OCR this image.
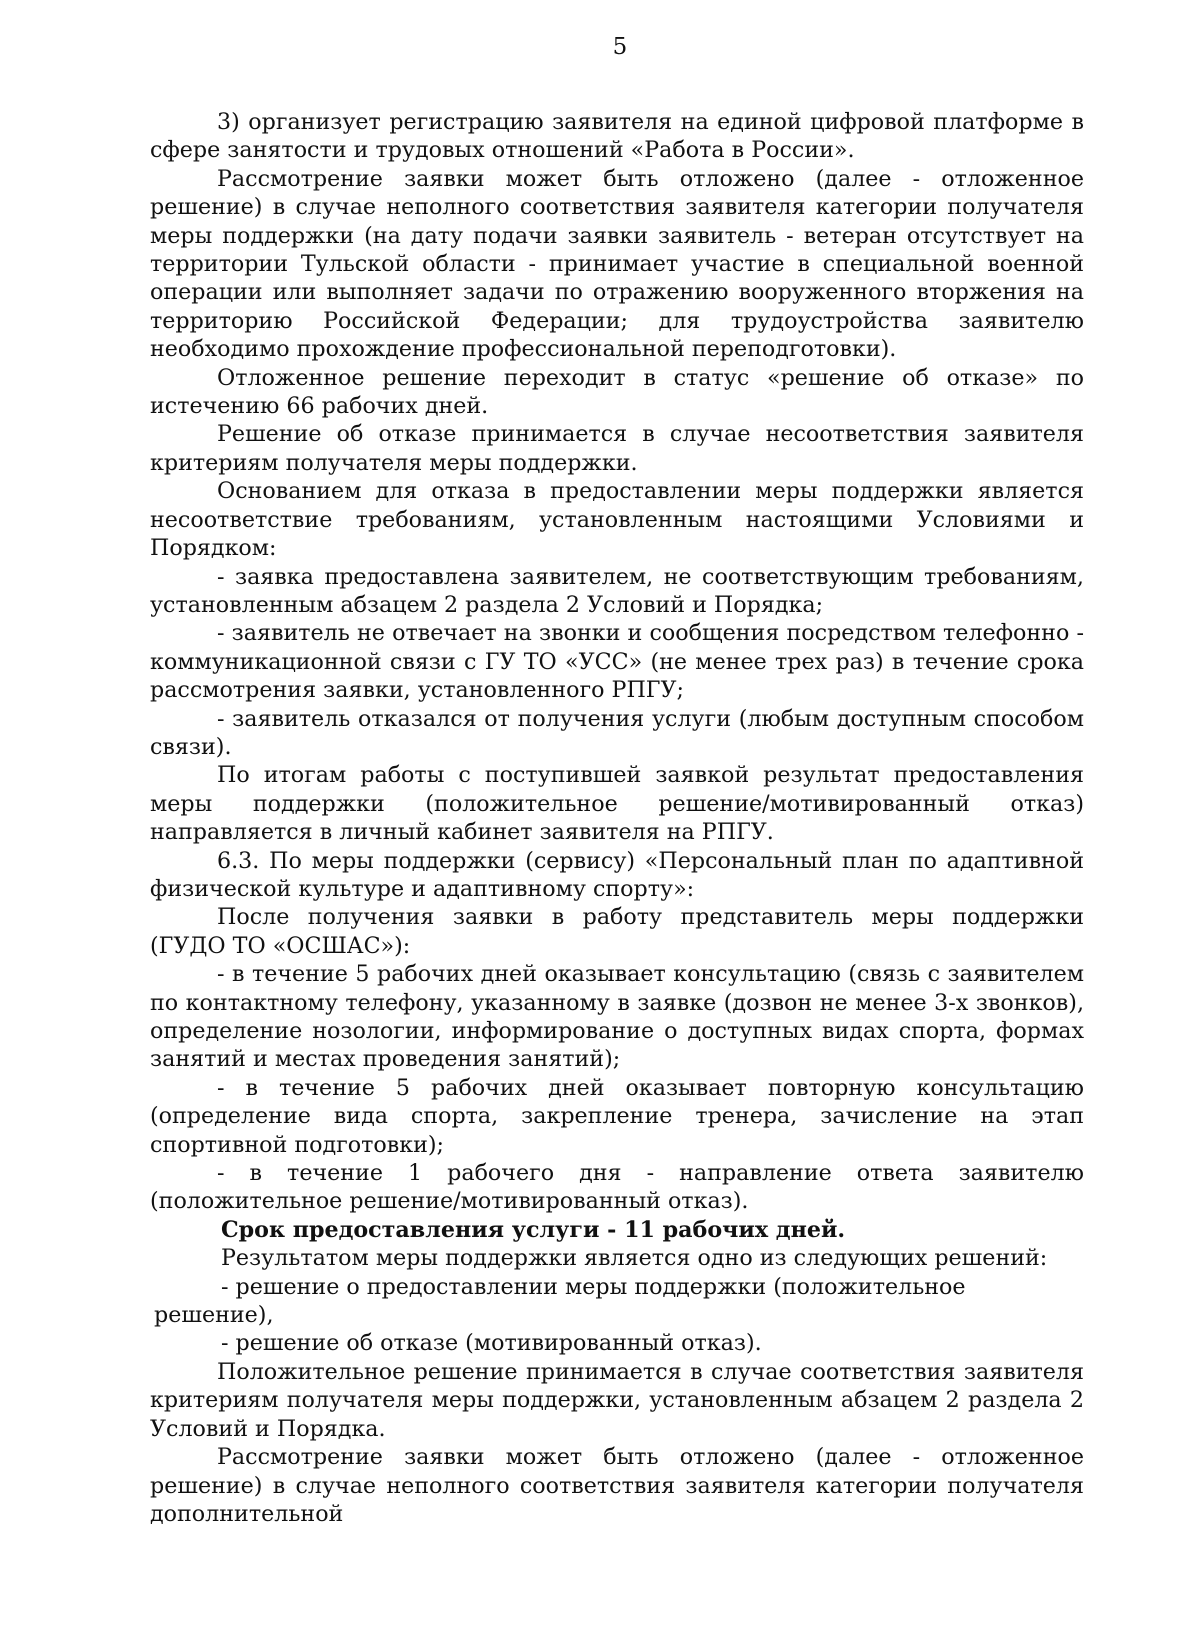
5

3) организует регистрацию заявителя на единой цифровой платформе в сфере занятости и трудовых отношений «Работа в России».

Рассмотрение заявки может быть отложено (далее - отложенное решение) в случае неполного соответствия заявителя категории получателя меры поддержки (на дату подачи заявки заявитель - ветеран отсутствует на территории Тульской области - принимает участие в специальной военной операции или выполняет задачи по отражению вооруженного вторжения на территорию Российской Федерации; для трудоустройства заявителю необходимо прохождение профессиональной переподготовки).

Отложенное решение переходит в статус «решение об отказе» по истечению 66 рабочих дней.

Решение об отказе принимается в случае несоответствия заявителя критериям получателя меры поддержки.

Основанием для отказа в предоставлении меры поддержки является несоответствие требованиям, установленным настоящими Условиями и Порядком:

- заявка предоставлена заявителем, не соответствующим требованиям, установленным абзацем 2 раздела 2 Условий и Порядка;

- заявитель не отвечает на звонки и сообщения посредством телефонно - коммуникационной связи с ГУ ТО «УСС» (не менее трех раз) в течение срока рассмотрения заявки, установленного РПГУ;

- заявитель отказался от получения услуги (любым доступным способом связи).

По итогам работы с поступившей заявкой результат предоставления меры поддержки (положительное решение/мотивированный отказ) направляется в личный кабинет заявителя на РПГУ.

6.3. По меры поддержки (сервису) «Персональный план по адаптивной физической культуре и адаптивному спорту»:

После получения заявки в работу представитель меры поддержки (ГУДО ТО «ОСШАС»):

- в течение 5 рабочих дней оказывает консультацию (связь с заявителем по контактному телефону, указанному в заявке (дозвон не менее 3-х звонков), определение нозологии, информирование о доступных видах спорта, формах занятий и местах проведения занятий);

- в течение 5 рабочих дней оказывает повторную консультацию (определение вида спорта, закрепление тренера, зачисление на этап спортивной подготовки);

- в течение 1 рабочего дня - направление ответа заявителю (положительное решение/мотивированный отказ).

Срок предоставления услуги - 11 рабочих дней.

Результатом меры поддержки является одно из следующих решений:

- решение о предоставлении меры поддержки (положительное решение),

- решение об отказе (мотивированный отказ).

Положительное решение принимается в случае соответствия заявителя критериям получателя меры поддержки, установленным абзацем 2 раздела 2 Условий и Порядка.

Рассмотрение заявки может быть отложено (далее - отложенное решение) в случае неполного соответствия заявителя категории получателя дополнительной
